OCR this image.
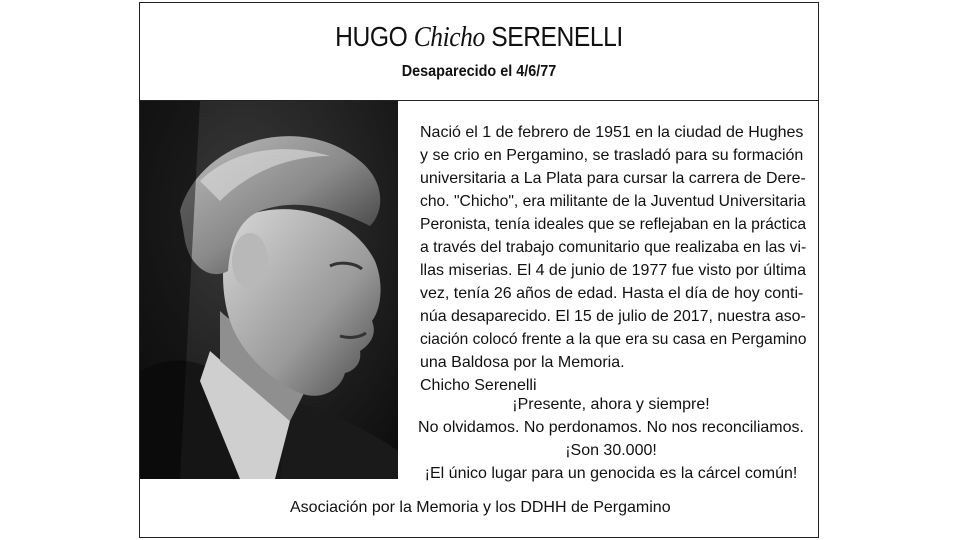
HUGO Chicho SERENELLI
Desaparecido el 4/6/77
Nació el 1 de febrero de 1951 en la ciudad de Hughes
y se crio en Pergamino, se trasladó para su formación
universitaria a La Plata para cursar la carrera de Dere-
cho. "Chicho", era militante de la Juventud Universitaria
Peronista, tenía ideales que se reflejaban en la práctica
a través del trabajo comunitario que realizaba en las vi-
llas miserias. El 4 de junio de 1977 fue visto por última
vez, tenía 26 años de edad. Hasta el día de hoy conti-
núa desaparecido. El 15 de julio de 2017, nuestra aso-
ciación colocó frente a la que era su casa en Pergamino
una Baldosa por la Memoria.
Chicho Serenelli
¡Presente, ahora y siempre!
No olvidamos. No perdonamos. No nos reconciliamos.
¡Son 30.000!
¡El único lugar para un genocida es la cárcel común!
Asociación por la Memoria y los DDHH de Pergamino
